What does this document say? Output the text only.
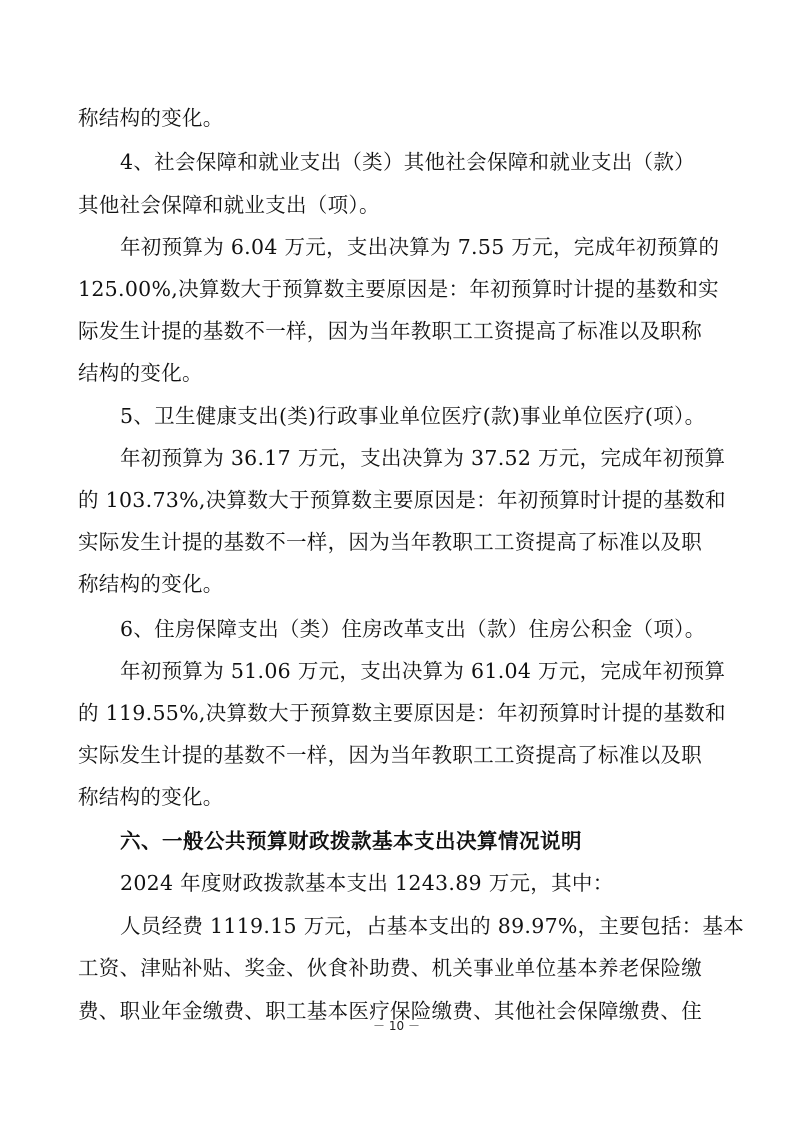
称结构的变化。
4、社会保障和就业支出（类）其他社会保障和就业支出（款）
其他社会保障和就业支出（项）。
年初预算为 6.04 万元，支出决算为 7.55 万元，完成年初预算的
125.00%,决算数大于预算数主要原因是：年初预算时计提的基数和实
际发生计提的基数不一样，因为当年教职工工资提高了标准以及职称
结构的变化。
5、卫生健康支出(类)行政事业单位医疗(款)事业单位医疗(项）。
年初预算为 36.17 万元，支出决算为 37.52 万元，完成年初预算
的 103.73%,决算数大于预算数主要原因是：年初预算时计提的基数和
实际发生计提的基数不一样，因为当年教职工工资提高了标准以及职
称结构的变化。
6、住房保障支出（类）住房改革支出（款）住房公积金（项）。
年初预算为 51.06 万元，支出决算为 61.04 万元，完成年初预算
的 119.55%,决算数大于预算数主要原因是：年初预算时计提的基数和
实际发生计提的基数不一样，因为当年教职工工资提高了标准以及职
称结构的变化。
六、一般公共预算财政拨款基本支出决算情况说明
2024 年度财政拨款基本支出 1243.89 万元，其中：
人员经费 1119.15 万元，占基本支出的 89.97%，主要包括：基本
工资、津贴补贴、奖金、伙食补助费、机关事业单位基本养老保险缴
费、职业年金缴费、职工基本医疗保险缴费、其他社会保障缴费、住
－ 10 －
